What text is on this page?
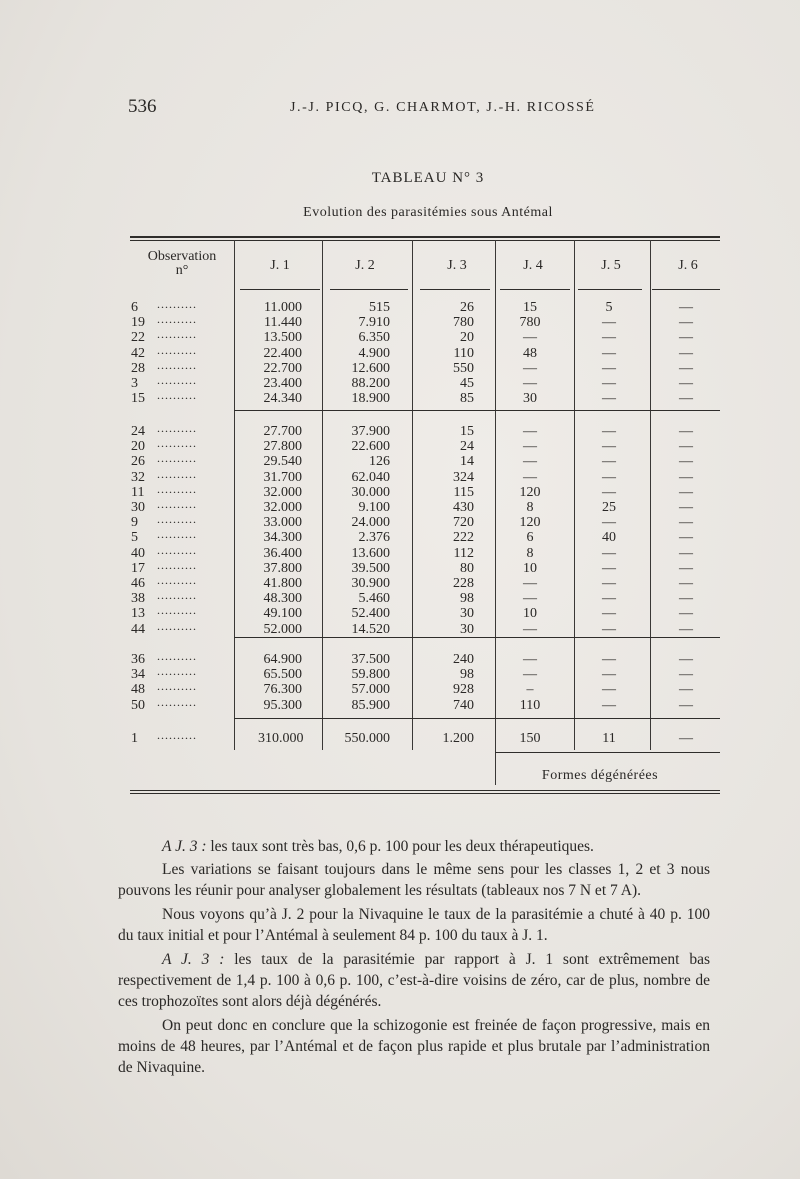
536	J.-J. PICQ, G. CHARMOT, J.-H. RICOSSÉ
TABLEAU N° 3
Evolution des parasitémies sous Antémal
Observation
n°	J. 1	J. 2	J. 3	J. 4	J. 5	J. 6
6 ..........	11.000	515	26	15	5	—
19 ..........	11.440	7.910	780	780	—	—
22 ..........	13.500	6.350	20	—	—	—
42 ..........	22.400	4.900	110	48	—	—
28 ..........	22.700	12.600	550	—	—	—
3 ..........	23.400	88.200	45	—	—	—
15 ..........	24.340	18.900	85	30	—	—
24 ..........	27.700	37.900	15	—	—	—
20 ..........	27.800	22.600	24	—	—	—
26 ..........	29.540	126	14	—	—	—
32 ..........	31.700	62.040	324	—	—	—
11 ..........	32.000	30.000	115	120	—	—
30 ..........	32.000	9.100	430	8	25	—
9 ..........	33.000	24.000	720	120	—	—
5 ..........	34.300	2.376	222	6	40	—
40 ..........	36.400	13.600	112	8	—	—
17 ..........	37.800	39.500	80	10	—	—
46 ..........	41.800	30.900	228	—	—	—
38 ..........	48.300	5.460	98	—	—	—
13 ..........	49.100	52.400	30	10	—	—
44 ..........	52.000	14.520	30	—	—	—
36 ..........	64.900	37.500	240	—	—	—
34 ..........	65.500	59.800	98	—	—	—
48 ..........	76.300	57.000	928	–	—	—
50 ..........	95.300	85.900	740	110	—	—
1 ..........	310.000	550.000	1.200	150	11	—
Formes dégénérées

A J. 3 : les taux sont très bas, 0,6 p. 100 pour les deux thérapeutiques.

Les variations se faisant toujours dans le même sens pour les classes 1, 2 et 3 nous pouvons les réunir pour analyser globalement les résultats (tableaux nos 7 N et 7 A).

Nous voyons qu’à J. 2 pour la Nivaquine le taux de la parasitémie a chuté à 40 p. 100 du taux initial et pour l’Antémal à seulement 84 p. 100 du taux à J. 1.

A J. 3 : les taux de la parasitémie par rapport à J. 1 sont extrêmement bas respectivement de 1,4 p. 100 à 0,6 p. 100, c’est-à-dire voisins de zéro, car de plus, nombre de ces trophozoïtes sont alors déjà dégénérés.

On peut donc en conclure que la schizogonie est freinée de façon progressive, mais en moins de 48 heures, par l’Antémal et de façon plus rapide et plus brutale par l’administration de Nivaquine.
